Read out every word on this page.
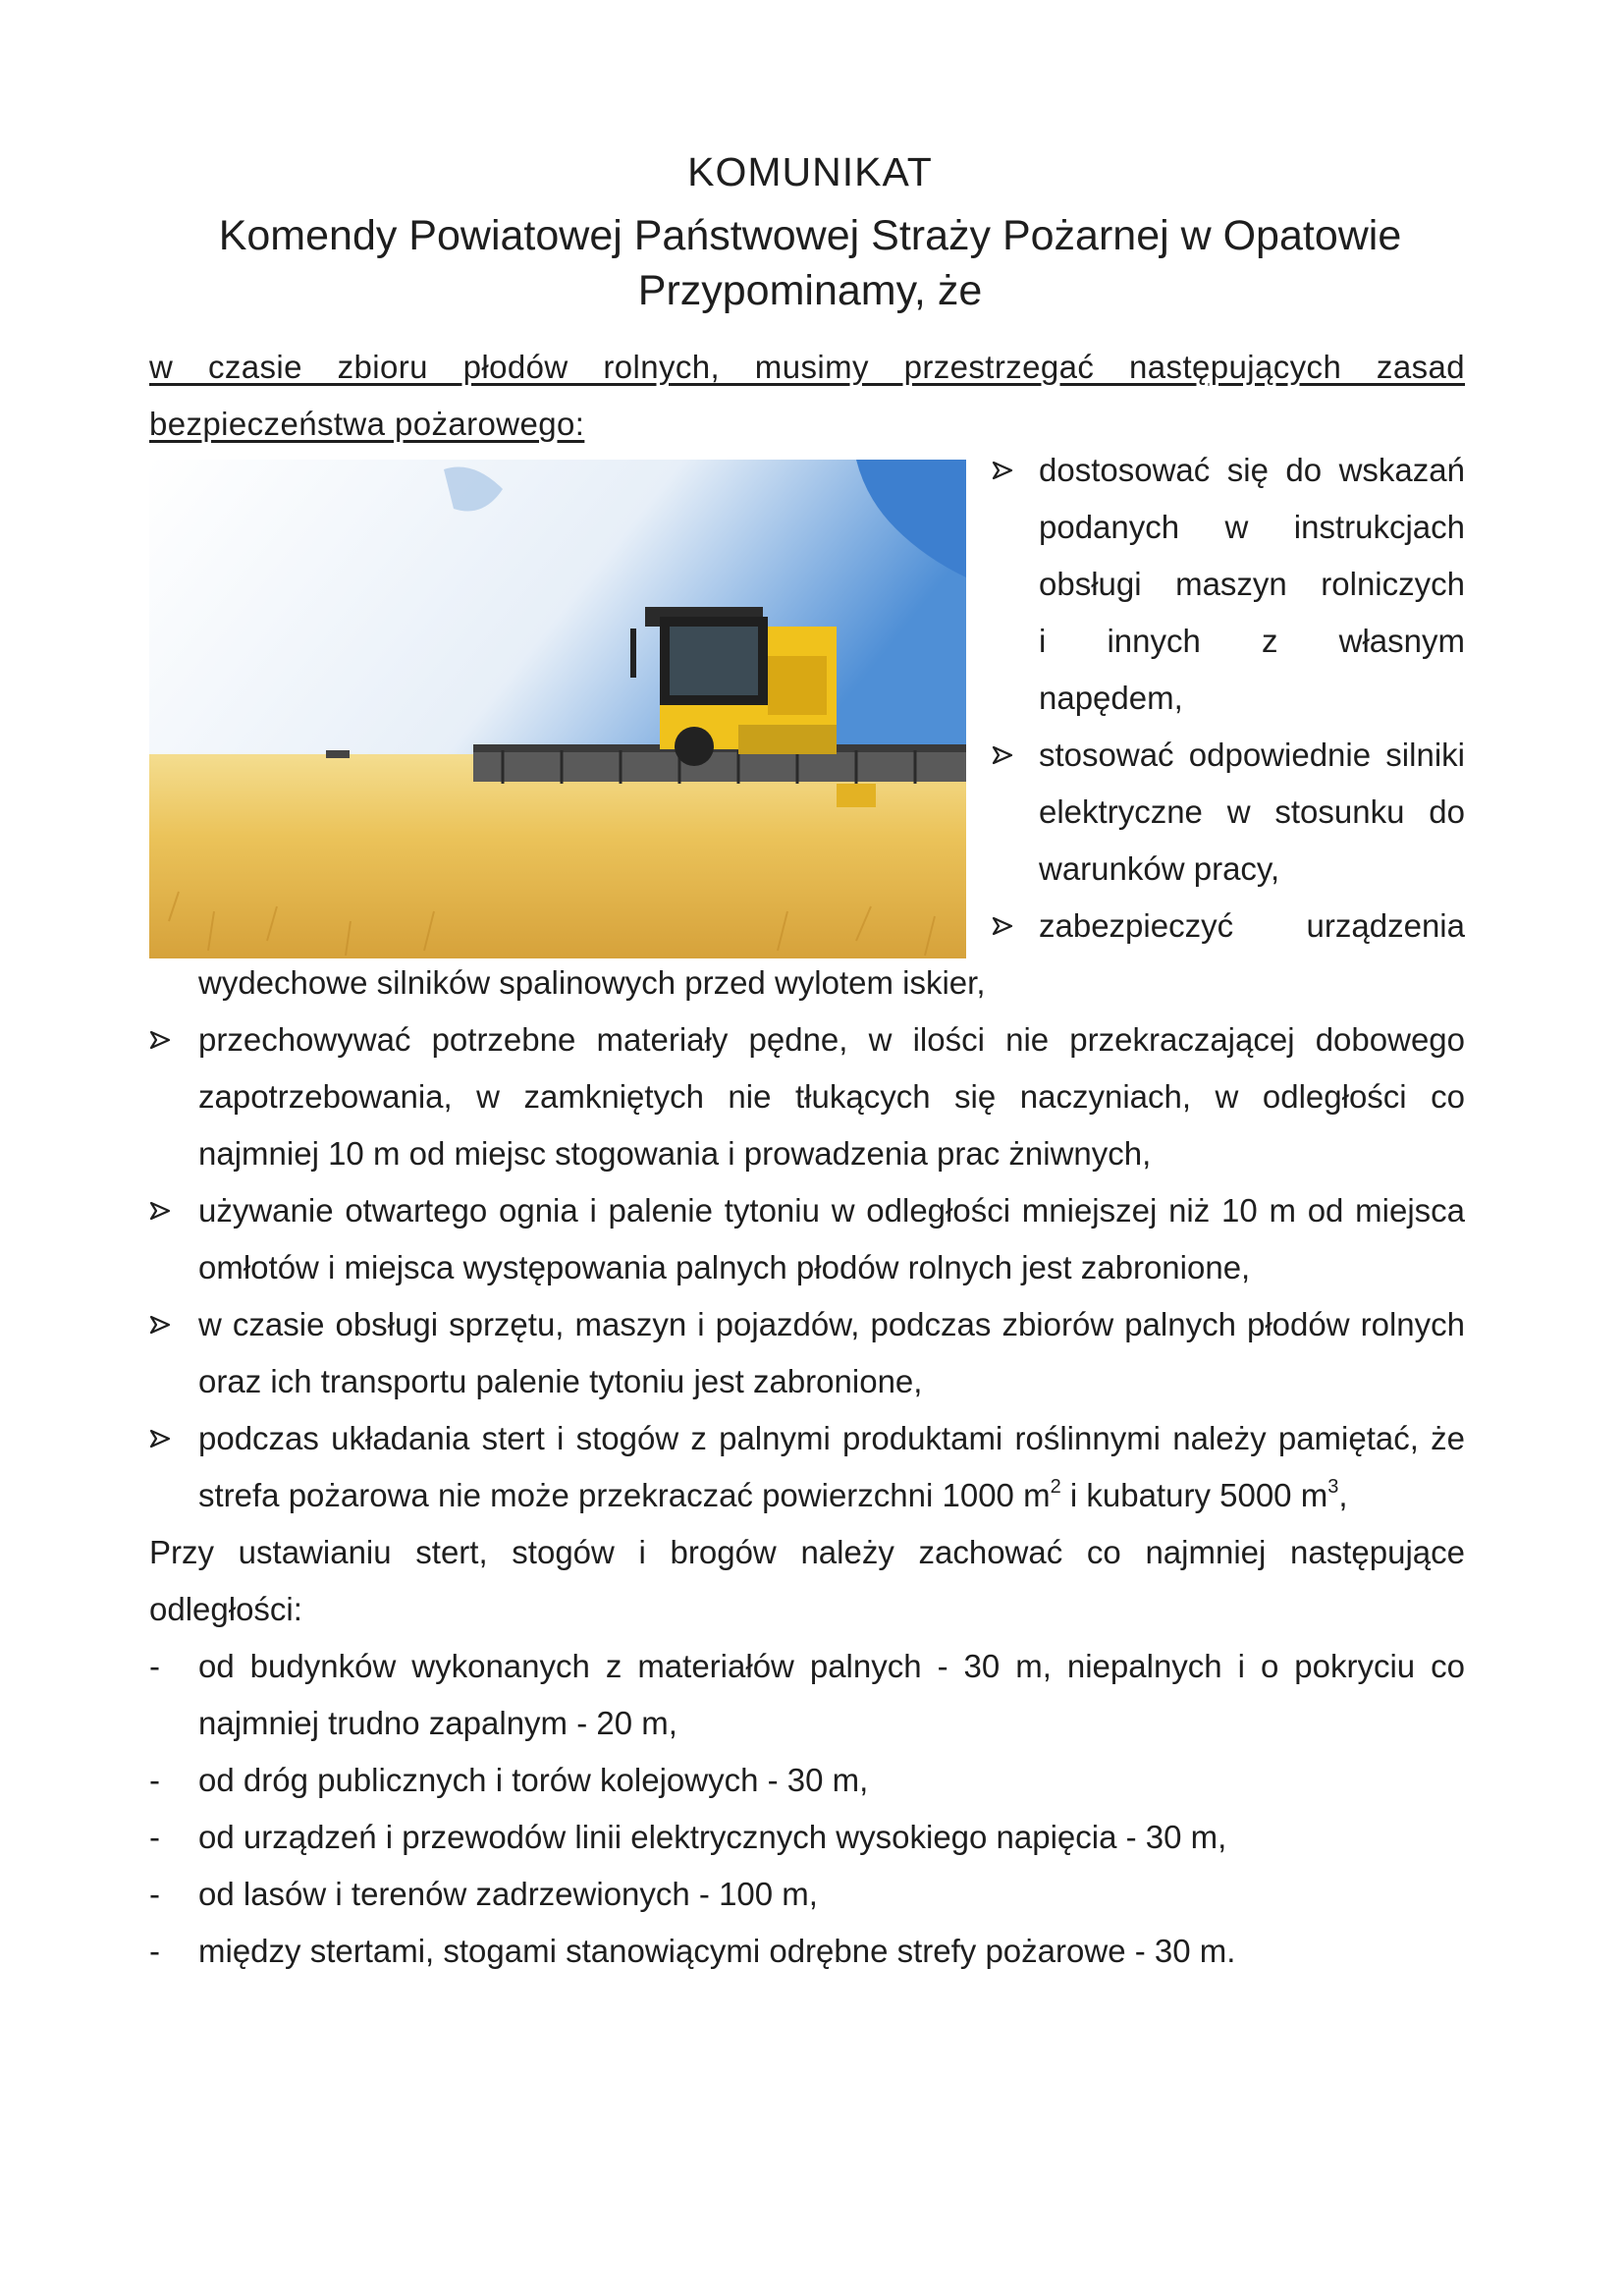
KOMUNIKAT
Komendy Powiatowej Państwowej Straży Pożarnej w Opatowie
Przypominamy, że
w czasie zbioru płodów rolnych, musimy przestrzegać następujących zasad bezpieczeństwa pożarowego:
dostosować się do wskazań
podanych w instrukcjach
obsługi maszyn rolniczych
i innych z własnym
napędem,
stosować odpowiednie silniki
elektryczne w stosunku do
warunków pracy,
zabezpieczyć urządzenia
wydechowe silników spalinowych przed wylotem iskier,
przechowywać potrzebne materiały pędne, w ilości nie przekraczającej dobowego
zapotrzebowania, w zamkniętych nie tłukących się naczyniach, w odległości co
najmniej 10 m od miejsc stogowania i prowadzenia prac żniwnych,
używanie otwartego ognia i palenie tytoniu w odległości mniejszej niż 10 m od miejsca
omłotów i miejsca występowania palnych płodów rolnych jest zabronione,
w czasie obsługi sprzętu, maszyn i pojazdów, podczas zbiorów palnych płodów rolnych
oraz ich transportu palenie tytoniu jest zabronione,
podczas układania stert i stogów z palnymi produktami roślinnymi należy pamiętać, że
strefa pożarowa nie może przekraczać powierzchni 1000 $m^2$ i kubatury 5000 $m^3$,
Przy ustawianiu stert, stogów i brogów należy zachować co najmniej następujące
odległości:
- od budynków wykonanych z materiałów palnych - 30 m, niepalnych i o pokryciu co
najmniej trudno zapalnym - 20 m,
- od dróg publicznych i torów kolejowych - 30 m,
- od urządzeń i przewodów linii elektrycznych wysokiego napięcia - 30 m,
- od lasów i terenów zadrzewionych - 100 m,
- między stertami, stogami stanowiącymi odrębne strefy pożarowe - 30 m.
